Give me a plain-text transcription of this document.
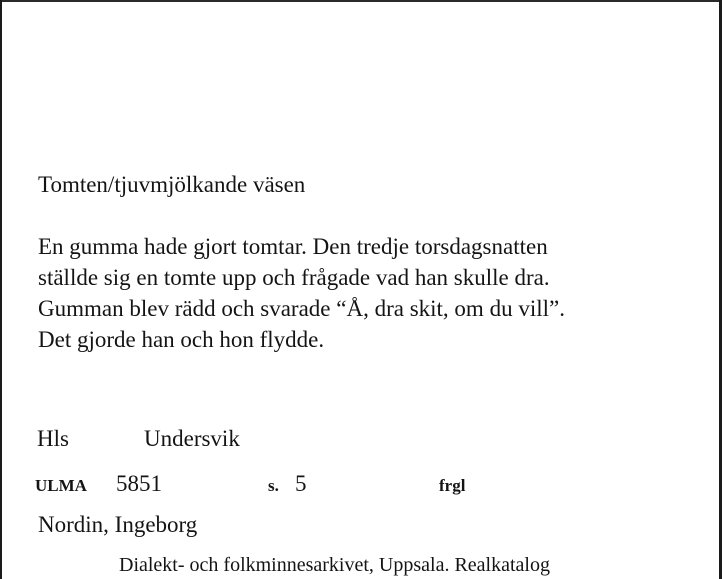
Tomten/tjuvmjölkande väsen
En gumma hade gjort tomtar. Den tredje torsdagsnatten
ställde sig en tomte upp och frågade vad han skulle dra.
Gumman blev rädd och svarade “Å, dra skit, om du vill”.
Det gjorde han och hon flydde.
Hls	Undersvik
ULMA 5851	s. 5	frgl
Nordin, Ingeborg
Dialekt- och folkminnesarkivet, Uppsala. Realkatalog
